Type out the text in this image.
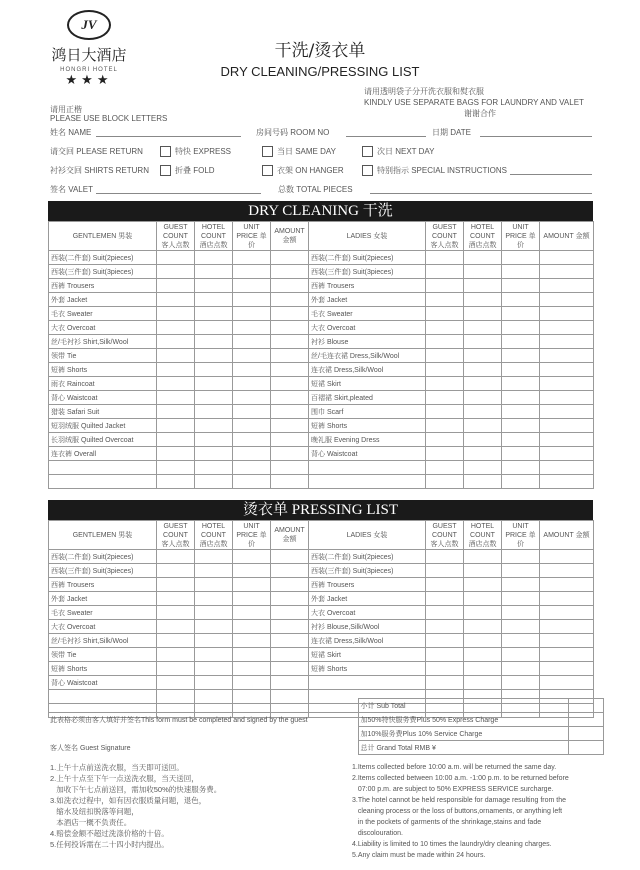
JV
鸿日大酒店
HONGRI HOTEL
★★★
干洗/烫衣单
DRY CLEANING/PRESSING LIST
请用透明袋子分开洗衣服和熨衣服
KINDLY USE SEPARATE BAGS FOR LAUNDRY AND VALET
谢谢合作
请用正楷
PLEASE USE BLOCK LETTERS
姓名 NAME	房间号码 ROOM NO	日期 DATE
请交回 PLEASE RETURN	特快 EXPRESS	当日 SAME DAY	次日 NEXT DAY
衬衫交回 SHIRTS RETURN	折叠 FOLD	衣架 ON HANGER	特别指示 SPECIAL INSTRUCTIONS
签名 VALET	总数 TOTAL PIECES
DRY CLEANING 干洗
GENTLEMEN 男装	GUEST COUNT 客人点数	HOTEL COUNT 酒店点数	UNIT PRICE 单价	AMOUNT 金额	LADIES 女装	GUEST COUNT 客人点数	HOTEL COUNT 酒店点数	UNIT PRICE 单价	AMOUNT 金额
西装(二件套) Suit(2pieces)					西装(二件套) Suit(2pieces)				
西装(三件套) Suit(3pieces)					西装(三件套) Suit(3pieces)				
西裤 Trousers					西裤 Trousers				
外套 Jacket					外套 Jacket				
毛衣 Sweater					毛衣 Sweater				
大衣 Overcoat					大衣 Overcoat				
丝/毛衬衫 Shirt,Silk/Wool					衬衫 Blouse				
领带 Tie					丝/毛连衣裙 Dress,Silk/Wool				
短裤 Shorts					连衣裙 Dress,Silk/Wool				
雨衣 Raincoat					短裙 Skirt				
背心 Waistcoat					百褶裙 Skirt,pleated				
猎装 Safari Suit					围巾 Scarf				
短羽绒服 Quilted Jacket					短裤 Shorts				
长羽绒服 Quilted Overcoat					晚礼服 Evening Dress				
连衣裤 Overall					背心 Waistcoat				

烫衣单 PRESSING LIST
GENTLEMEN 男装	GUEST COUNT 客人点数	HOTEL COUNT 酒店点数	UNIT PRICE 单价	AMOUNT 金额	LADIES 女装	GUEST COUNT 客人点数	HOTEL COUNT 酒店点数	UNIT PRICE 单价	AMOUNT 金额
西装(二件套) Suit(2pieces)					西装(二件套) Suit(2pieces)				
西装(三件套) Suit(3pieces)					西装(三件套) Suit(3pieces)				
西裤 Trousers					西裤 Trousers				
外套 Jacket					外套 Jacket				
毛衣 Sweater					大衣 Overcoat				
大衣 Overcoat					衬衫 Blouse,Silk/Wool				
丝/毛衬衫 Shirt,Silk/Wool					连衣裙 Dress,Silk/Wool				
领带 Tie					短裙 Skirt				
短裤 Shorts					短裤 Shorts				
背心 Waistcoat									

	小计 Sub Total	
此表格必须由客人填好并签名This form must be completed and signed by the guest	加50%特快服务费Plus 50% Express Charge	
	加10%服务费Plus 10% Service Charge	
客人签名 Guest Signature	总计 Grand Total RMB ¥	
1.上午十点前送洗衣服，当天即可送回。
2.上午十点至下午一点送洗衣服，当天送回，
加收下午七点前送回，需加收50%的快速服务费。
3.如洗衣过程中，如有因衣服质量问题，退色，
缩水及纽扣脱落等问题，
本酒店一概不负责任。
4.赔偿金额不超过洗涤价格的十倍。
5.任何投诉需在二十四小时内提出。
1.Items collected before 10:00 a.m. will be returned the same day.
2.Items collected between 10:00 a.m. -1:00 p.m. to be returned before
07:00 p.m. are subject to 50% EXPRESS SERVICE surcharge.
3.The hotel cannot be held responsible for damage resulting from the
cleaning process or the loss of buttons,ornaments, or anything left
in the pockets of garments of the shrinkage,stains and fade
discolouration.
4.Liability is limited to 10 times the laundry/dry cleaning charges.
5.Any claim must be made within 24 hours.
